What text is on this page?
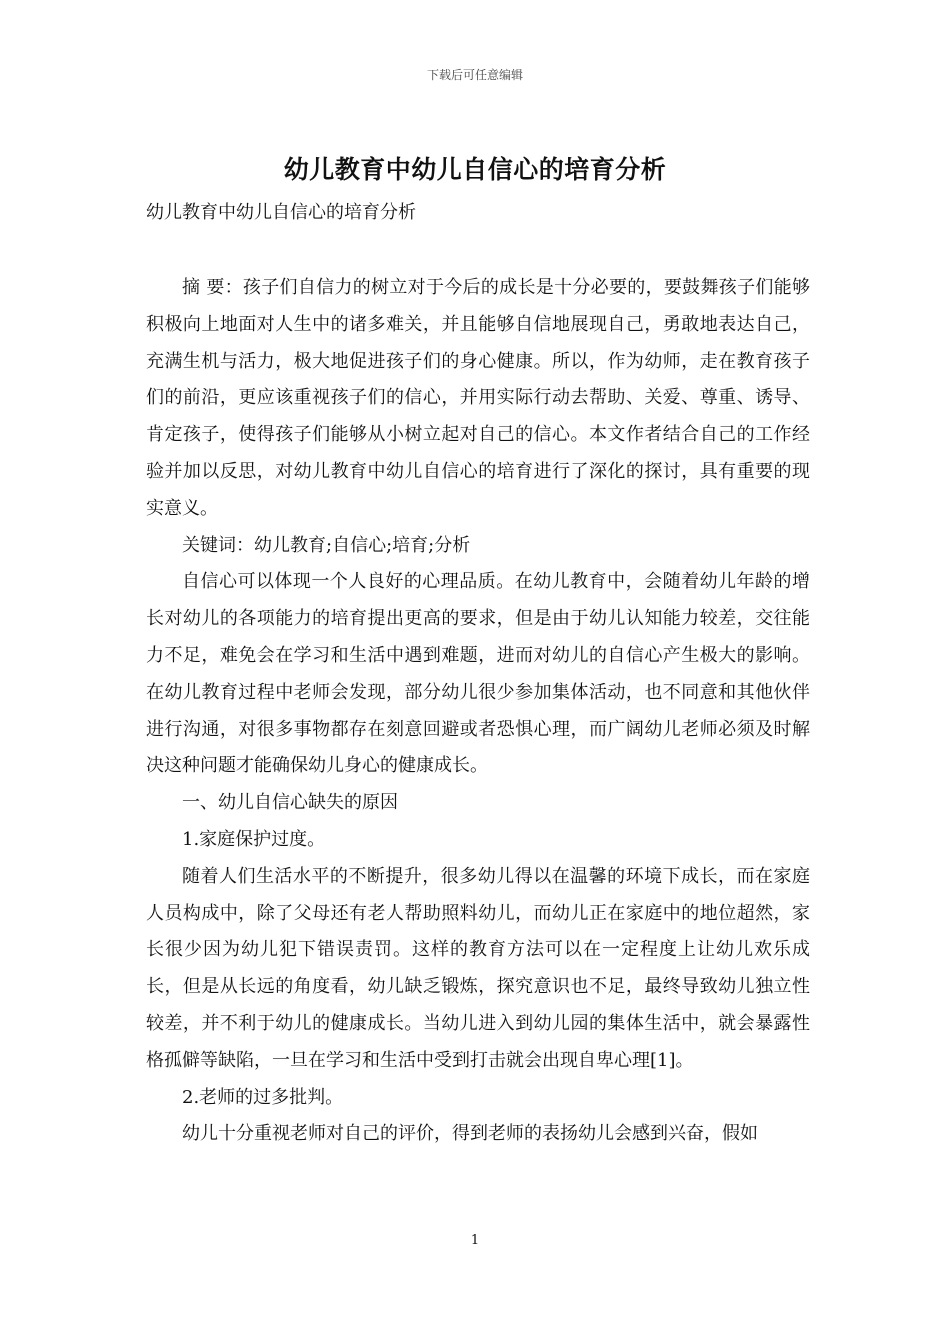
下载后可任意编辑
幼儿教育中幼儿自信心的培育分析
幼儿教育中幼儿自信心的培育分析

摘 要：孩子们自信力的树立对于今后的成长是十分必要的，要鼓舞孩子们能够积极向上地面对人生中的诸多难关，并且能够自信地展现自己，勇敢地表达自己，充满生机与活力，极大地促进孩子们的身心健康。所以，作为幼师，走在教育孩子们的前沿，更应该重视孩子们的信心，并用实际行动去帮助、关爱、尊重、诱导、肯定孩子，使得孩子们能够从小树立起对自己的信心。本文作者结合自己的工作经验并加以反思，对幼儿教育中幼儿自信心的培育进行了深化的探讨，具有重要的现实意义。

关键词：幼儿教育;自信心;培育;分析

自信心可以体现一个人良好的心理品质。在幼儿教育中，会随着幼儿年龄的增长对幼儿的各项能力的培育提出更高的要求，但是由于幼儿认知能力较差，交往能力不足，难免会在学习和生活中遇到难题，进而对幼儿的自信心产生极大的影响。在幼儿教育过程中老师会发现，部分幼儿很少参加集体活动，也不同意和其他伙伴进行沟通，对很多事物都存在刻意回避或者恐惧心理，而广阔幼儿老师必须及时解决这种问题才能确保幼儿身心的健康成长。

一、幼儿自信心缺失的原因

1.家庭保护过度。

随着人们生活水平的不断提升，很多幼儿得以在温馨的环境下成长，而在家庭人员构成中，除了父母还有老人帮助照料幼儿，而幼儿正在家庭中的地位超然，家长很少因为幼儿犯下错误责罚。这样的教育方法可以在一定程度上让幼儿欢乐成长，但是从长远的角度看，幼儿缺乏锻炼，探究意识也不足，最终导致幼儿独立性较差，并不利于幼儿的健康成长。当幼儿进入到幼儿园的集体生活中，就会暴露性格孤僻等缺陷，一旦在学习和生活中受到打击就会出现自卑心理[1]。

2.老师的过多批判。

幼儿十分重视老师对自己的评价，得到老师的表扬幼儿会感到兴奋，假如

1
